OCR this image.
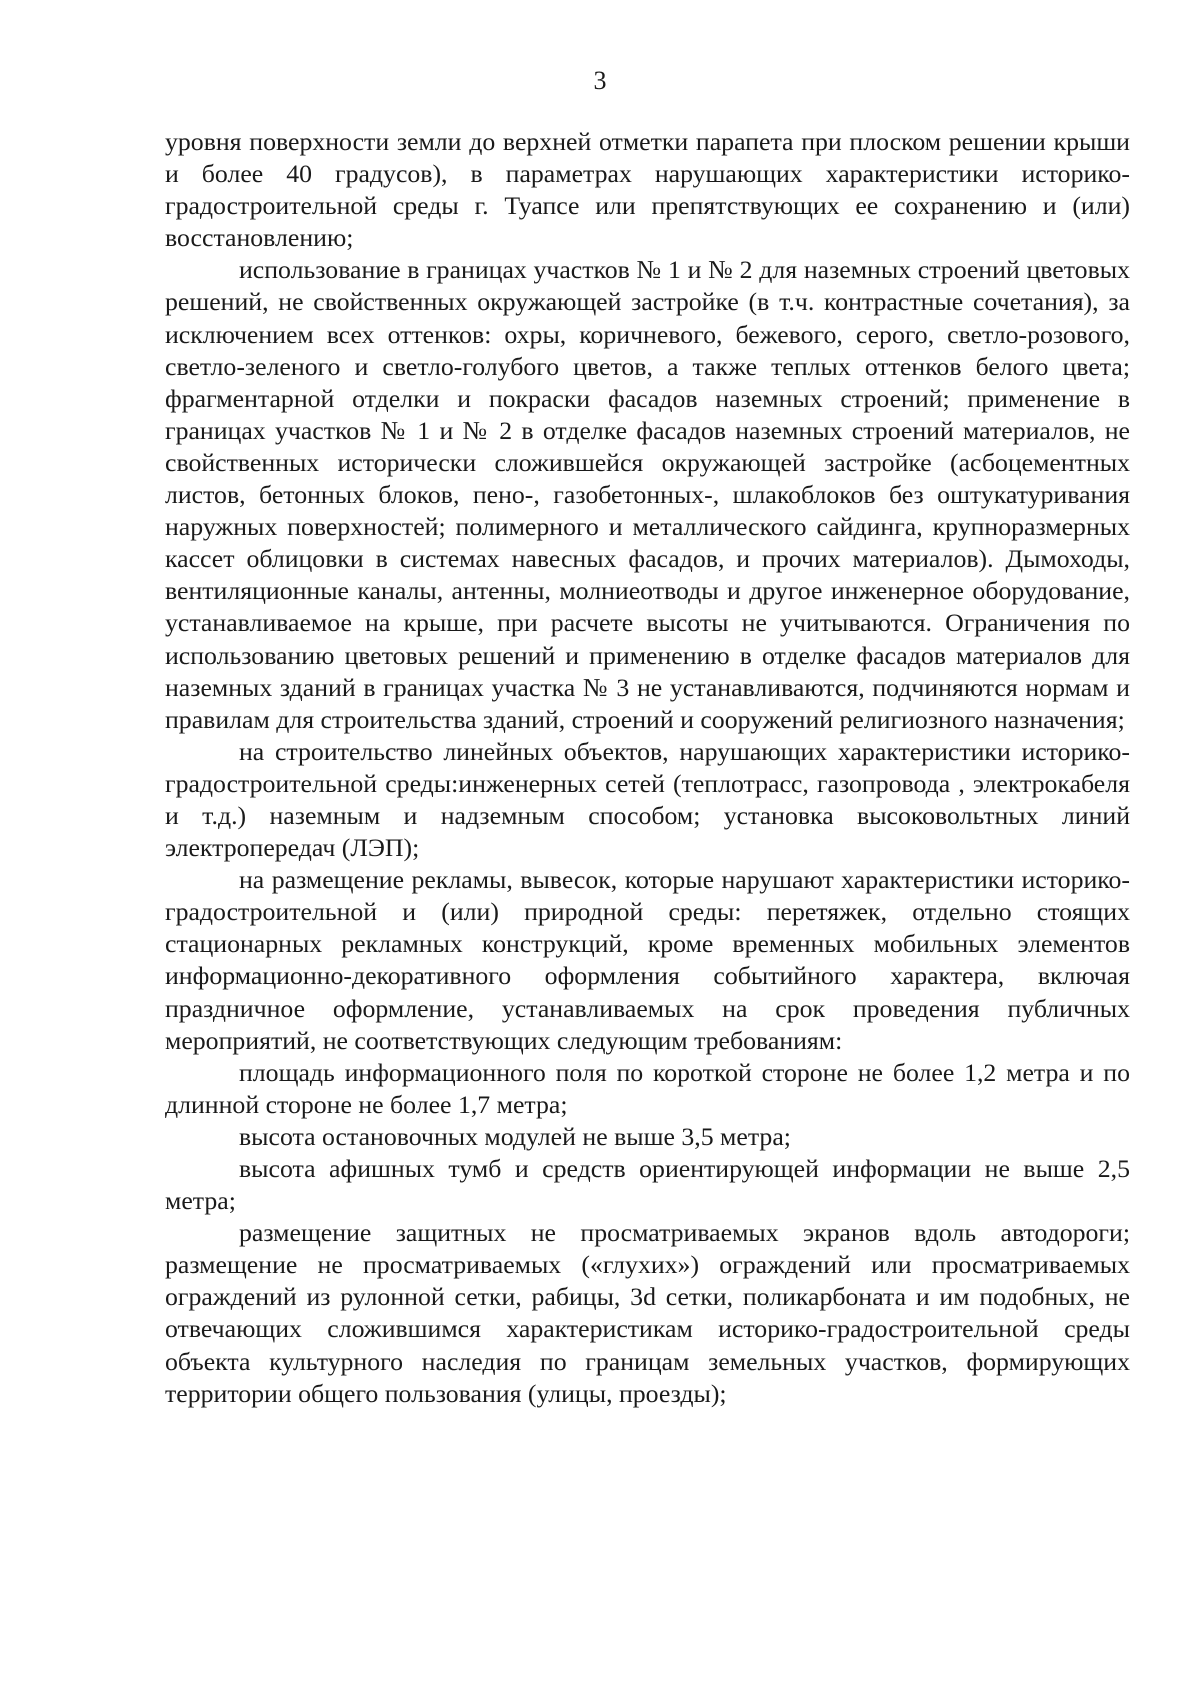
3

уровня поверхности земли до верхней отметки парапета при плоском решении крыши и более 40 градусов), в параметрах нарушающих характеристики историко-градостроительной среды г. Туапсе или препятствующих ее сохранению и (или) восстановлению;

использование в границах участков № 1 и № 2 для наземных строений цветовых решений, не свойственных окружающей застройке (в т.ч. контрастные сочетания), за исключением всех оттенков: охры, коричневого, бежевого, серого, светло-розового, светло-зеленого и светло-голубого цветов, а также теплых оттенков белого цвета; фрагментарной отделки и покраски фасадов наземных строений; применение в границах участков № 1 и № 2 в отделке фасадов наземных строений материалов, не свойственных исторически сложившейся окружающей застройке (асбоцементных листов, бетонных блоков, пено-, газобетонных-, шлакоблоков без оштукатуривания наружных поверхностей; полимерного и металлического сайдинга, крупноразмерных кассет облицовки в системах навесных фасадов, и прочих материалов). Дымоходы, вентиляционные каналы, антенны, молниеотводы и другое инженерное оборудование, устанавливаемое на крыше, при расчете высоты не учитываются. Ограничения по использованию цветовых решений и применению в отделке фасадов материалов для наземных зданий в границах участка № 3 не устанавливаются, подчиняются нормам и правилам для строительства зданий, строений и сооружений религиозного назначения;

на строительство линейных объектов, нарушающих характеристики историко-градостроительной среды:инженерных сетей (теплотрасс, газопровода , электрокабеля и т.д.) наземным и надземным способом; установка высоковольтных линий электропередач (ЛЭП);

на размещение рекламы, вывесок, которые нарушают характеристики историко-градостроительной и (или) природной среды: перетяжек, отдельно стоящих стационарных рекламных конструкций, кроме временных мобильных элементов информационно-декоративного оформления событийного характера, включая праздничное оформление, устанавливаемых на срок проведения публичных мероприятий, не соответствующих следующим требованиям:

площадь информационного поля по короткой стороне не более 1,2 метра и по длинной стороне не более 1,7 метра;

высота остановочных модулей не выше 3,5 метра;

высота афишных тумб и средств ориентирующей информации не выше 2,5 метра;

размещение защитных не просматриваемых экранов вдоль автодороги; размещение не просматриваемых («глухих») ограждений или просматриваемых ограждений из рулонной сетки, рабицы, 3d сетки, поликарбоната и им подобных, не отвечающих сложившимся характеристикам историко-градостроительной среды объекта культурного наследия по границам земельных участков, формирующих территории общего пользования (улицы, проезды);
